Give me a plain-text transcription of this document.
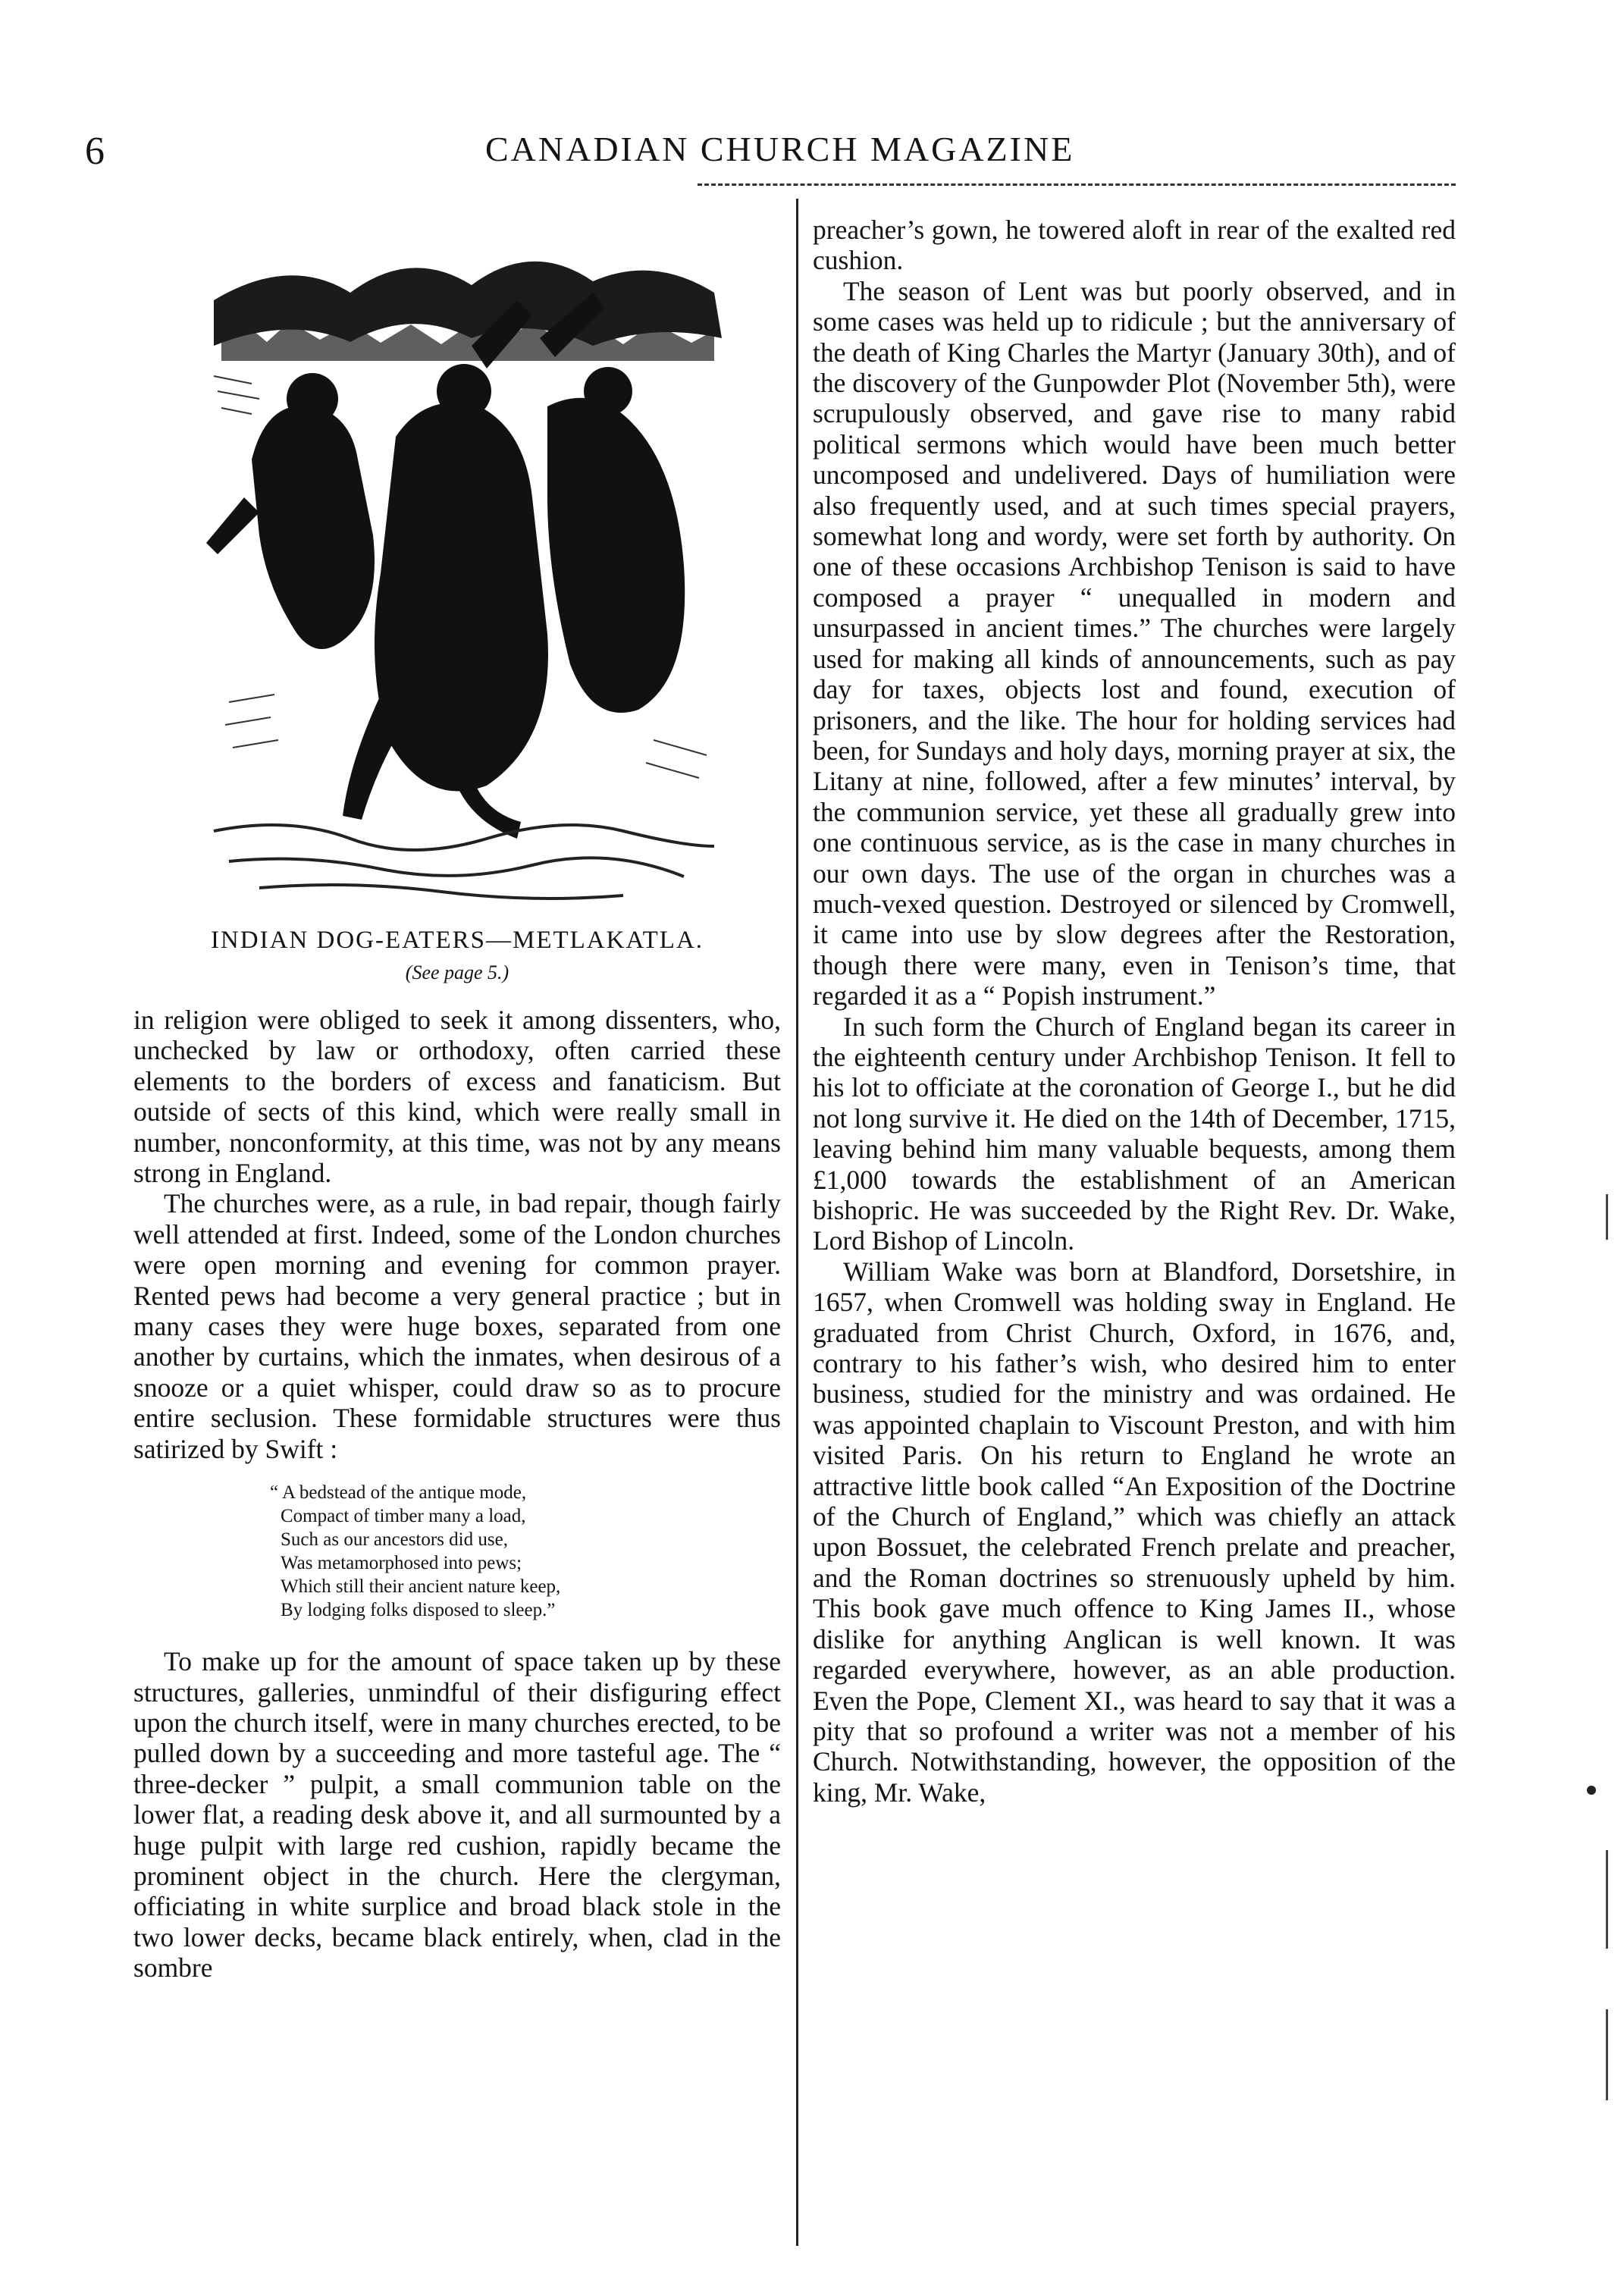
6	CANADIAN CHURCH MAGAZINE
INDIAN DOG-EATERS—METLAKATLA.
(See page 5.)

in religion were obliged to seek it among dissenters, who, unchecked by law or orthodoxy, often carried these elements to the borders of excess and fanaticism. But outside of sects of this kind, which were really small in number, nonconformity, at this time, was not by any means strong in England.

The churches were, as a rule, in bad repair, though fairly well attended at first. Indeed, some of the London churches were open morning and evening for common prayer. Rented pews had become a very general practice ; but in many cases they were huge boxes, separated from one another by curtains, which the inmates, when desirous of a snooze or a quiet whisper, could draw so as to procure entire seclusion. These formidable structures were thus satirized by Swift :

“ A bedstead of the antique mode,
Compact of timber many a load,
Such as our ancestors did use,
Was metamorphosed into pews;
Which still their ancient nature keep,
By lodging folks disposed to sleep.”

To make up for the amount of space taken up by these structures, galleries, unmindful of their disfiguring effect upon the church itself, were in many churches erected, to be pulled down by a succeeding and more tasteful age. The “ three-decker ” pulpit, a small communion table on the lower flat, a reading desk above it, and all surmounted by a huge pulpit with large red cushion, rapidly became the prominent object in the church. Here the clergyman, officiating in white surplice and broad black stole in the two lower decks, became black entirely, when, clad in the sombre

preacher’s gown, he towered aloft in rear of the exalted red cushion.

The season of Lent was but poorly observed, and in some cases was held up to ridicule ; but the anniversary of the death of King Charles the Martyr (January 30th), and of the discovery of the Gunpowder Plot (November 5th), were scrupulously observed, and gave rise to many rabid political sermons which would have been much better uncomposed and undelivered. Days of humiliation were also frequently used, and at such times special prayers, somewhat long and wordy, were set forth by authority. On one of these occasions Archbishop Tenison is said to have composed a prayer “ unequalled in modern and unsurpassed in ancient times.” The churches were largely used for making all kinds of announcements, such as pay day for taxes, objects lost and found, execution of prisoners, and the like. The hour for holding services had been, for Sundays and holy days, morning prayer at six, the Litany at nine, followed, after a few minutes’ interval, by the communion service, yet these all gradually grew into one continuous service, as is the case in many churches in our own days. The use of the organ in churches was a much-vexed question. Destroyed or silenced by Cromwell, it came into use by slow degrees after the Restoration, though there were many, even in Tenison’s time, that regarded it as a “ Popish instrument.”

In such form the Church of England began its career in the eighteenth century under Archbishop Tenison. It fell to his lot to officiate at the coronation of George I., but he did not long survive it. He died on the 14th of December, 1715, leaving behind him many valuable bequests, among them £1,000 towards the establishment of an American bishopric. He was succeeded by the Right Rev. Dr. Wake, Lord Bishop of Lincoln.

William Wake was born at Blandford, Dorsetshire, in 1657, when Cromwell was holding sway in England. He graduated from Christ Church, Oxford, in 1676, and, contrary to his father’s wish, who desired him to enter business, studied for the ministry and was ordained. He was appointed chaplain to Viscount Preston, and with him visited Paris. On his return to England he wrote an attractive little book called “An Exposition of the Doctrine of the Church of England,” which was chiefly an attack upon Bossuet, the celebrated French prelate and preacher, and the Roman doctrines so strenuously upheld by him. This book gave much offence to King James II., whose dislike for anything Anglican is well known. It was regarded everywhere, however, as an able production. Even the Pope, Clement XI., was heard to say that it was a pity that so profound a writer was not a member of his Church. Notwithstanding, however, the opposition of the king, Mr. Wake,
